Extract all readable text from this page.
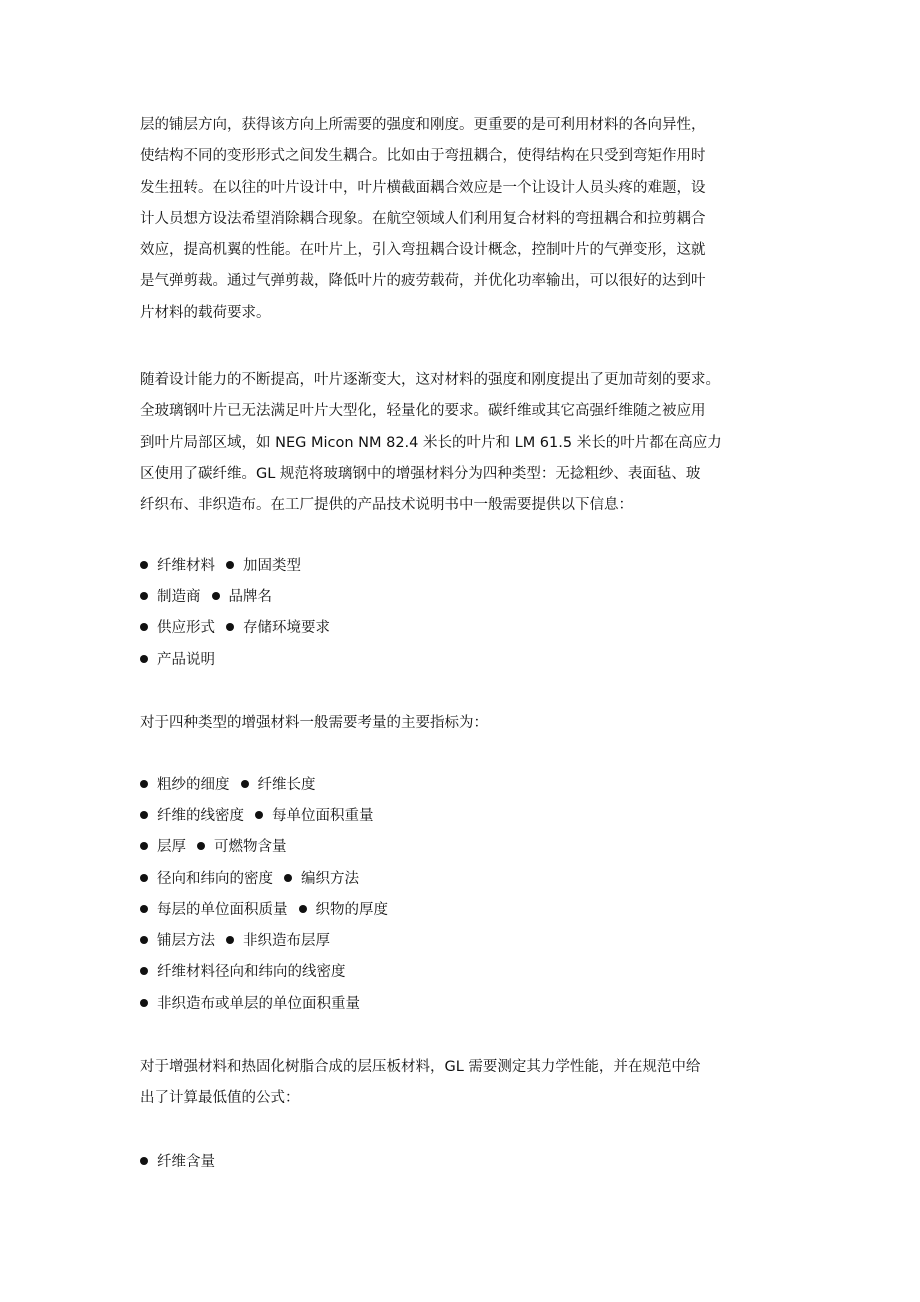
层的铺层方向，获得该方向上所需要的强度和刚度。更重要的是可利用材料的各向异性，
使结构不同的变形形式之间发生耦合。比如由于弯扭耦合，使得结构在只受到弯矩作用时
发生扭转。在以往的叶片设计中，叶片横截面耦合效应是一个让设计人员头疼的难题，设
计人员想方设法希望消除耦合现象。在航空领域人们利用复合材料的弯扭耦合和拉剪耦合
效应，提高机翼的性能。在叶片上，引入弯扭耦合设计概念，控制叶片的气弹变形，这就
是气弹剪裁。通过气弹剪裁，降低叶片的疲劳载荷，并优化功率输出，可以很好的达到叶
片材料的载荷要求。
随着设计能力的不断提高，叶片逐渐变大，这对材料的强度和刚度提出了更加苛刻的要求。
全玻璃钢叶片已无法满足叶片大型化，轻量化的要求。碳纤维或其它高强纤维随之被应用
到叶片局部区域，如 NEG Micon NM 82.4 米长的叶片和 LM 61.5 米长的叶片都在高应力
区使用了碳纤维。GL 规范将玻璃钢中的增强材料分为四种类型：无捻粗纱、表面毡、玻
纤织布、非织造布。在工厂提供的产品技术说明书中一般需要提供以下信息：
纤维材料 加固类型
制造商 品牌名
供应形式 存储环境要求
产品说明
对于四种类型的增强材料一般需要考量的主要指标为：
粗纱的细度 纤维长度
纤维的线密度 每单位面积重量
层厚 可燃物含量
径向和纬向的密度 编织方法
每层的单位面积质量 织物的厚度
铺层方法 非织造布层厚
纤维材料径向和纬向的线密度
非织造布或单层的单位面积重量
对于增强材料和热固化树脂合成的层压板材料，GL 需要测定其力学性能，并在规范中给
出了计算最低值的公式：
纤维含量
